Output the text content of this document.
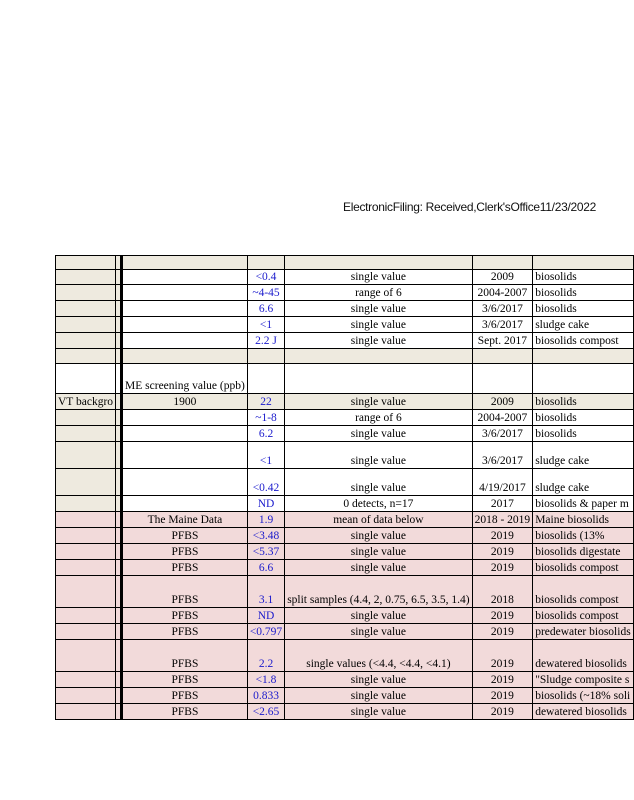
ElectronicFiling: Received,Clerk'sOffice11/23/2022

			<0.4	single value	2009	biosolids
			~4-45	range of 6	2004-2007	biosolids
			6.6	single value	3/6/2017	biosolids
			<1	single value	3/6/2017	sludge cake
			2.2 J	single value	Sept. 2017	biosolids compost

		ME screening value (ppb)				
VT backgro		1900	22	single value	2009	biosolids
			~1-8	range of 6	2004-2007	biosolids
			6.2	single value	3/6/2017	biosolids
			<1	single value	3/6/2017	sludge cake
			<0.42	single value	4/19/2017	sludge cake
			ND	0 detects, n=17	2017	biosolids & paper m
		The Maine Data	1.9	mean of data below	2018 - 2019	Maine biosolids
		PFBS	<3.48	single value	2019	biosolids (13%
		PFBS	<5.37	single value	2019	biosolids digestate
		PFBS	6.6	single value	2019	biosolids compost
		PFBS	3.1	split samples (4.4, 2, 0.75, 6.5, 3.5, 1.4)	2018	biosolids compost
		PFBS	ND	single value	2019	biosolids compost
		PFBS	<0.797	single value	2019	predewater biosolids
		PFBS	2.2	single values (<4.4, <4.4, <4.1)	2019	dewatered biosolids
		PFBS	<1.8	single value	2019	"Sludge composite s
		PFBS	0.833	single value	2019	biosolids (~18% soli
		PFBS	<2.65	single value	2019	dewatered biosolids
